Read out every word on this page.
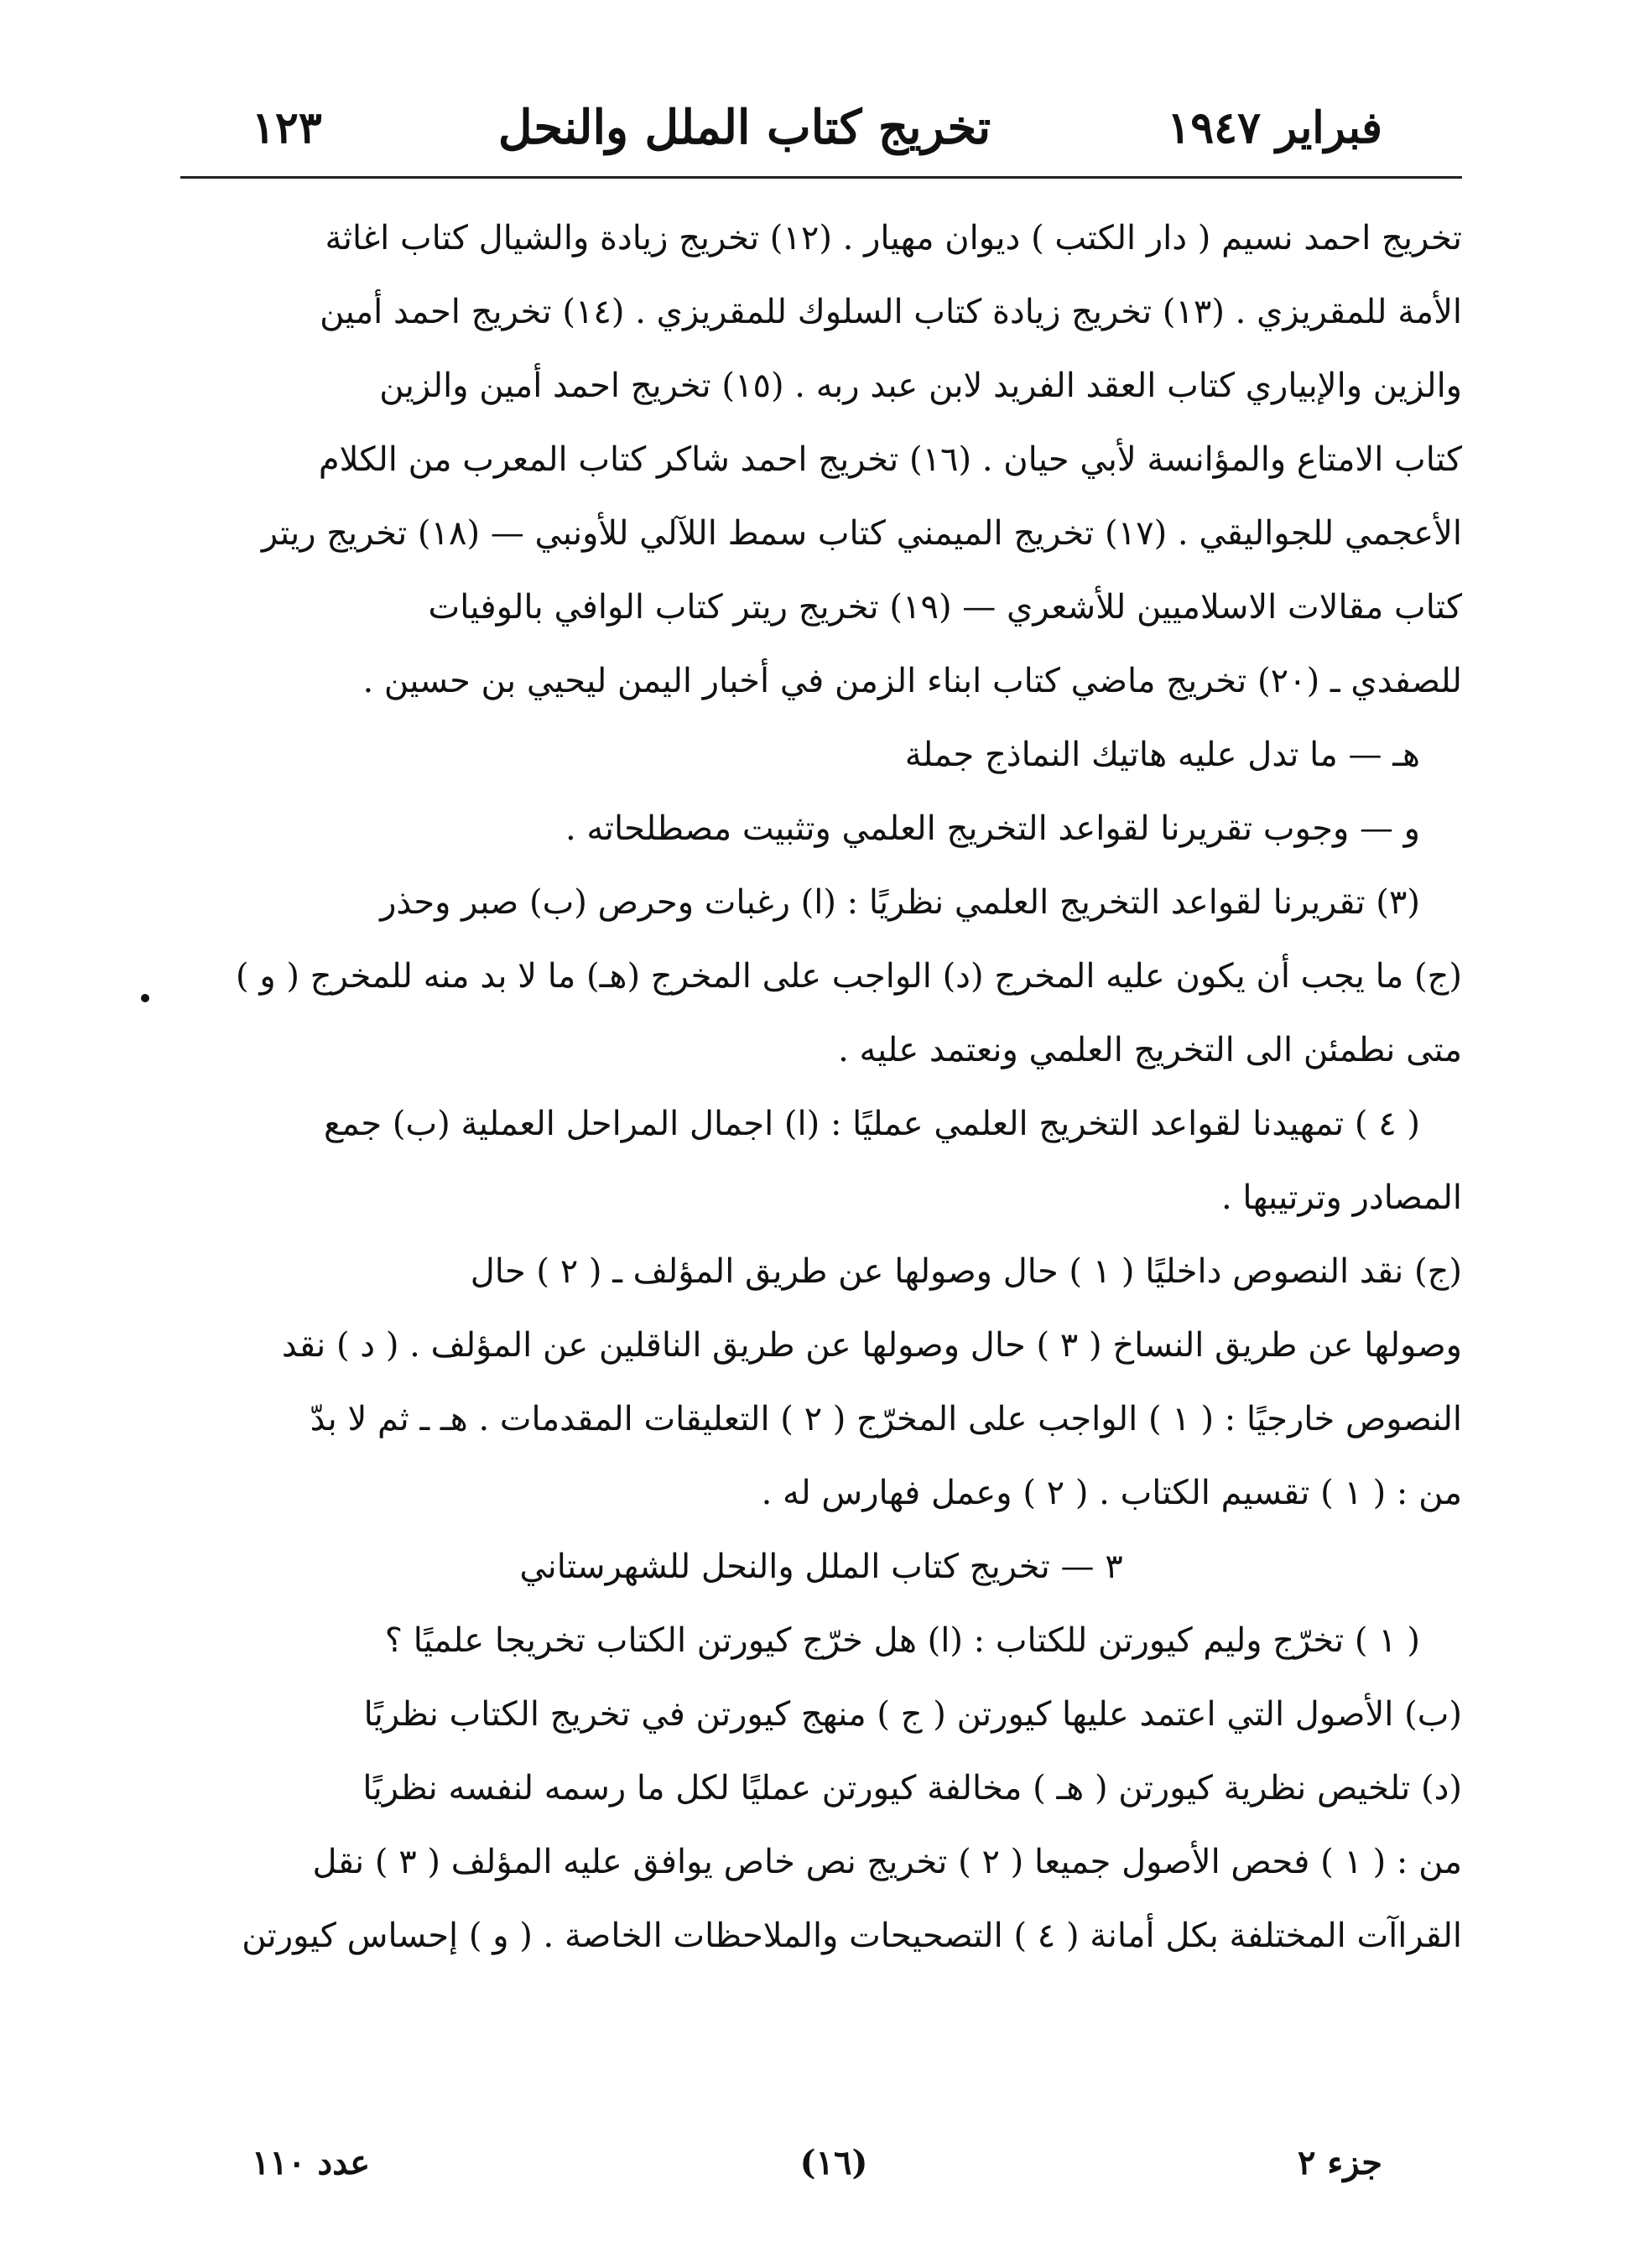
فبراير ١٩٤٧
تخريج كتاب الملل والنحل
١٢٣
تخريج احمد نسيم ( دار الكتب ) ديوان مهيار . (١٢) تخريج زيادة والشيال كتاب اغاثة
الأمة للمقريزي . (١٣) تخريج زيادة كتاب السلوك للمقريزي . (١٤) تخريج احمد أمين
والزين والإبياري كتاب العقد الفريد لابن عبد ربه . (١٥) تخريج احمد أمين والزين
كتاب الامتاع والمؤانسة لأبي حيان . (١٦) تخريج احمد شاكر كتاب المعرب من الكلام
الأعجمي للجواليقي . (١٧) تخريج الميمني كتاب سمط اللآلي للأونبي — (١٨) تخريج ريتر
كتاب مقالات الاسلاميين للأشعري — (١٩) تخريج ريتر كتاب الوافي بالوفيات
للصفدي ـ (٢٠) تخريج ماضي كتاب ابناء الزمن في أخبار اليمن ليحيي بن حسين .
هـ — ما تدل عليه هاتيك النماذج جملة
و — وجوب تقريرنا لقواعد التخريج العلمي وتثبيت مصطلحاته .
(٣) تقريرنا لقواعد التخريج العلمي نظريًا : (ا) رغبات وحرص (ب) صبر وحذر
(ج) ما يجب أن يكون عليه المخرج (د) الواجب على المخرج (هـ) ما لا بد منه للمخرج ( و )
متى نطمئن الى التخريج العلمي ونعتمد عليه .
( ٤ ) تمهيدنا لقواعد التخريج العلمي عمليًا : (ا) اجمال المراحل العملية (ب) جمع
المصادر وترتيبها .
(ج) نقد النصوص داخليًا ( ١ ) حال وصولها عن طريق المؤلف ـ ( ٢ ) حال
وصولها عن طريق النساخ ( ٣ ) حال وصولها عن طريق الناقلين عن المؤلف . ( د ) نقد
النصوص خارجيًا : ( ١ ) الواجب على المخرّج ( ٢ ) التعليقات المقدمات . هـ ـ ثم لا بدّ
من : ( ١ ) تقسيم الكتاب . ( ٢ ) وعمل فهارس له .
٣ — تخريج كتاب الملل والنحل للشهرستاني
( ١ ) تخرّج وليم كيورتن للكتاب : (ا) هل خرّج كيورتن الكتاب تخريجا علميًا ؟
(ب) الأصول التي اعتمد عليها كيورتن ( ج ) منهج كيورتن في تخريج الكتاب نظريًا
(د) تلخيص نظرية كيورتن ( هـ ) مخالفة كيورتن عمليًا لكل ما رسمه لنفسه نظريًا
من : ( ١ ) فحص الأصول جميعا ( ٢ ) تخريج نص خاص يوافق عليه المؤلف ( ٣ ) نقل
القراآت المختلفة بكل أمانة ( ٤ ) التصحيحات والملاحظات الخاصة . ( و ) إحساس كيورتن
جزء ٢
(١٦)
عدد ١١٠
